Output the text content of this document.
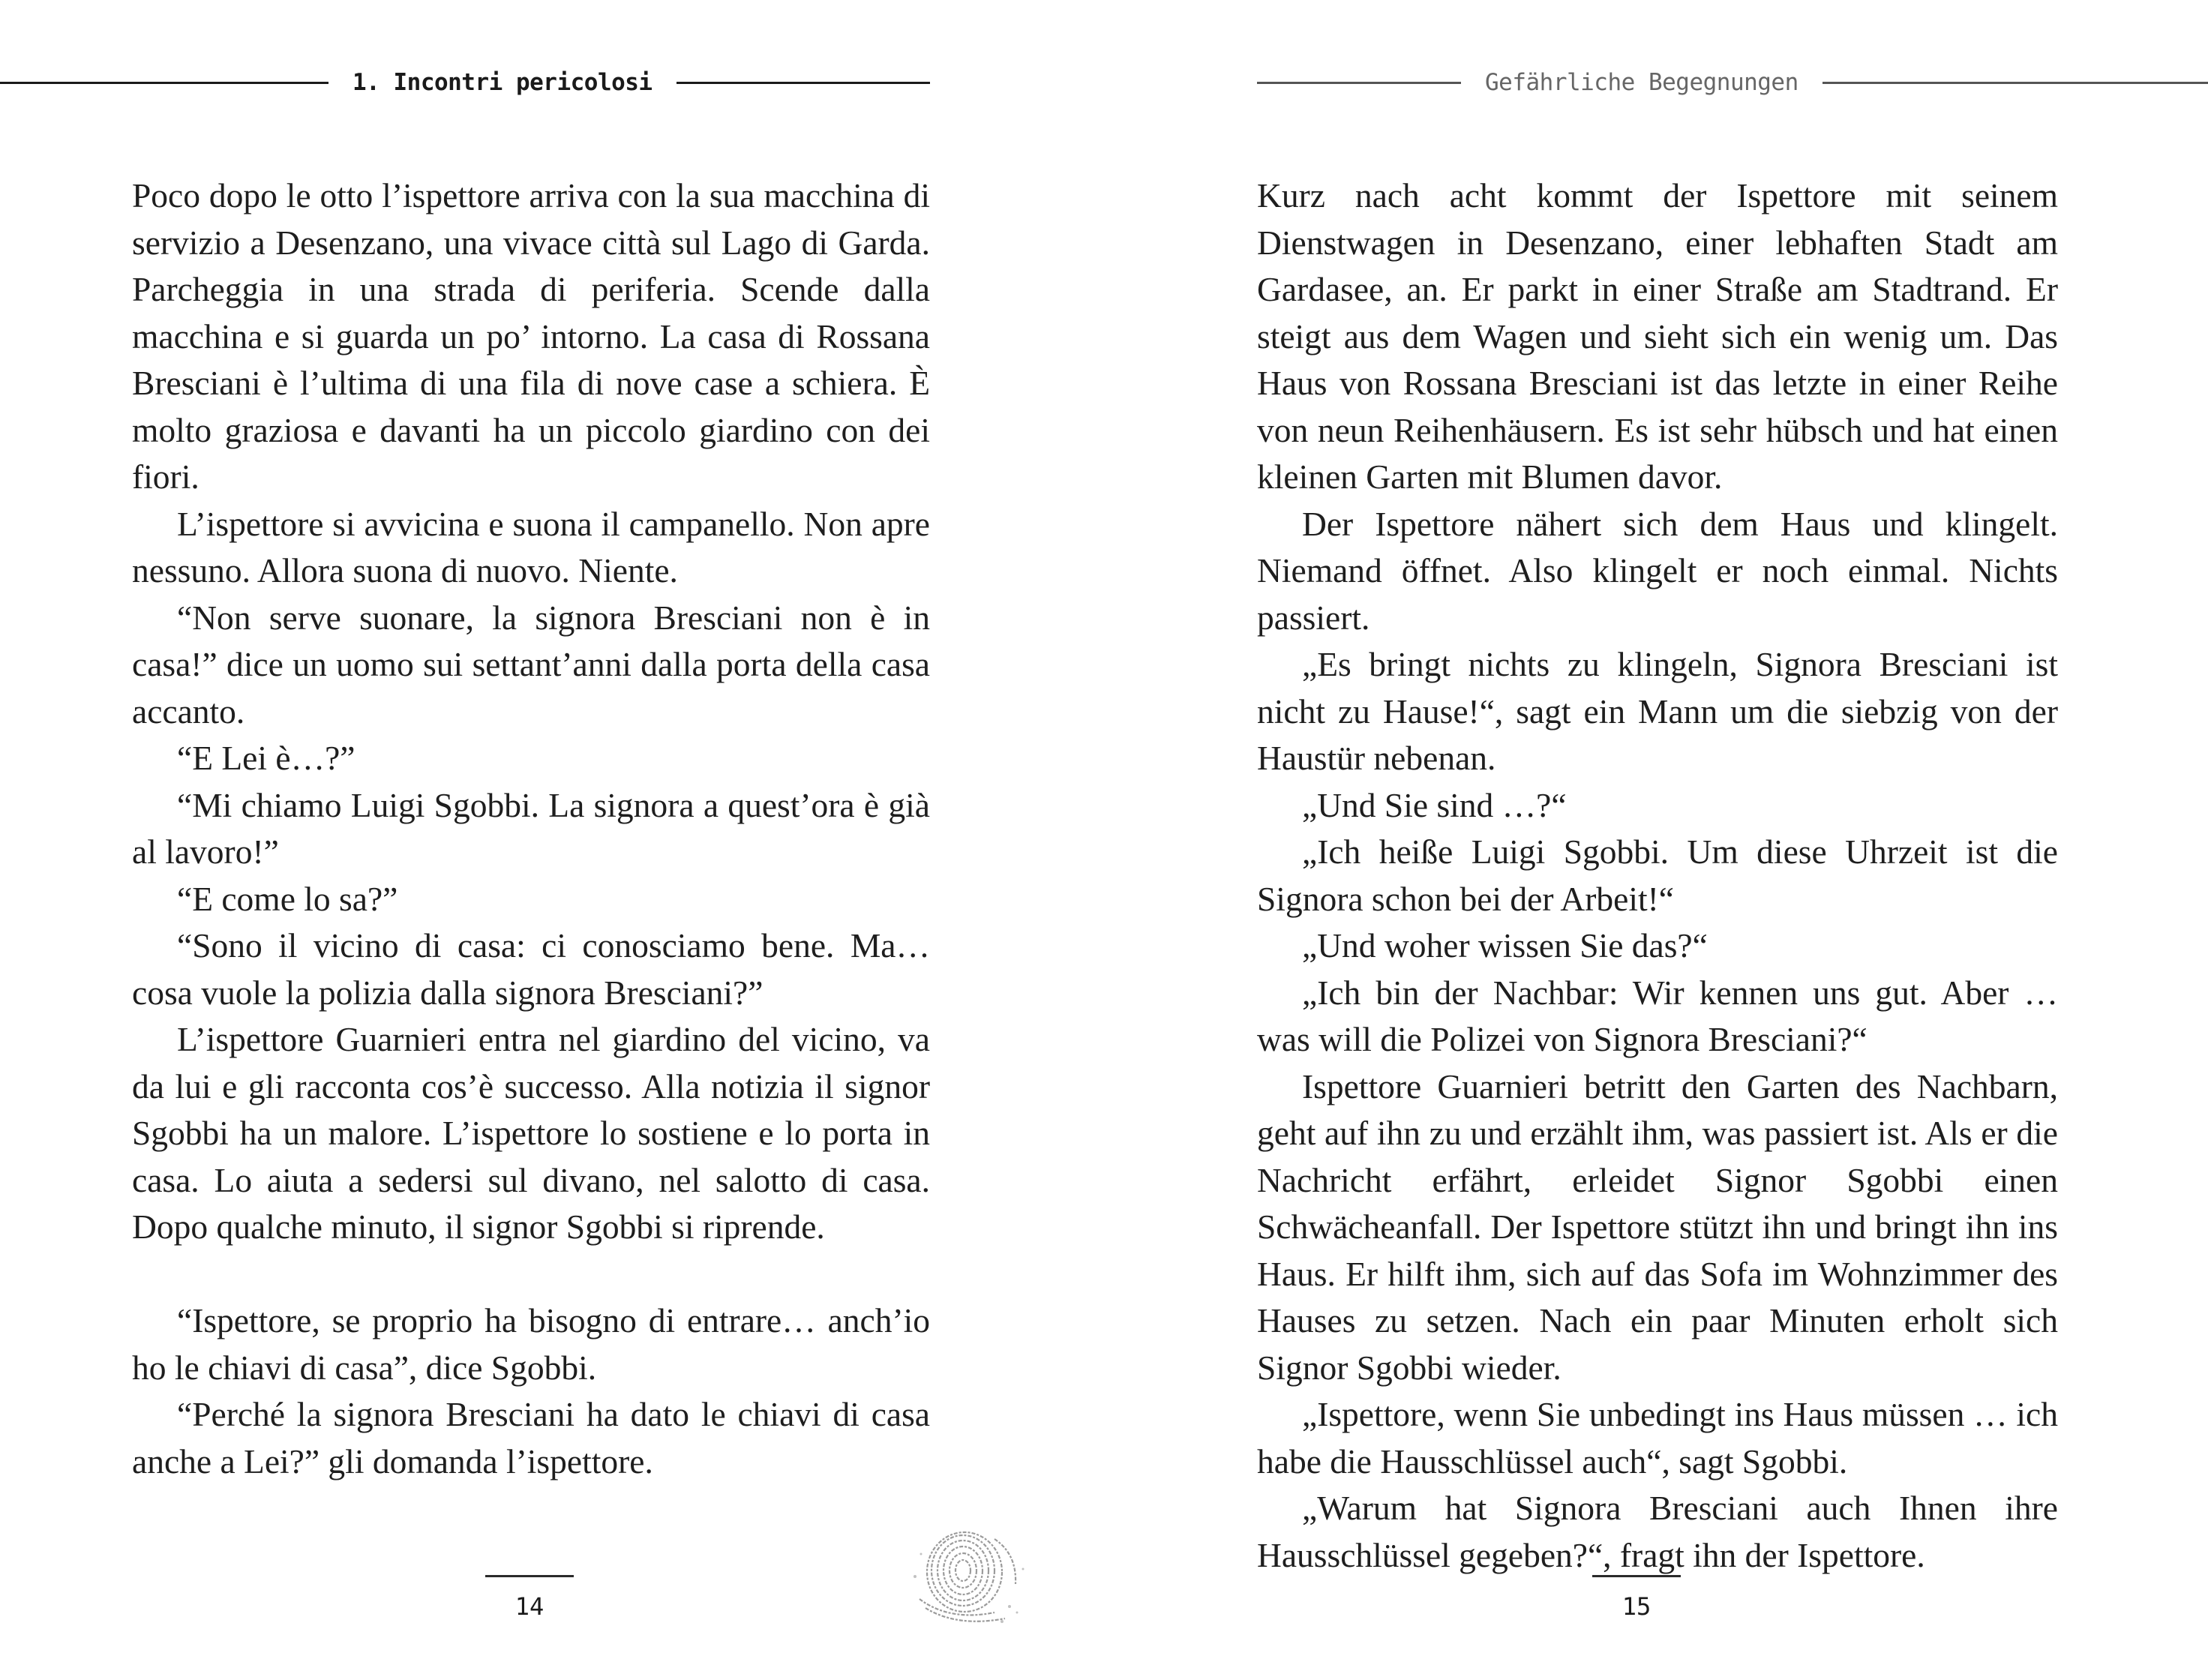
1. Incontri pericolosi

Poco dopo le otto l’ispettore arriva con la sua macchina di servizio a Desenzano, una vivace città sul Lago di Garda. Parcheggia in una strada di periferia. Scende dalla macchina e si guarda un po’ intorno. La casa di Rossana Bresciani è l’ultima di una fila di nove case a schiera. È molto graziosa e davanti ha un piccolo giardino con dei fiori.

L’ispettore si avvicina e suona il campanello. Non apre nessuno. Allora suona di nuovo. Niente.

“Non serve suonare, la signora Bresciani non è in casa!” dice un uomo sui settant’anni dalla porta della casa accanto.

“E Lei è…?”

“Mi chiamo Luigi Sgobbi. La signora a quest’ora è già al lavoro!”

“E come lo sa?”

“Sono il vicino di casa: ci conosciamo bene. Ma… cosa vuole la polizia dalla signora Bresciani?”

L’ispettore Guarnieri entra nel giardino del vicino, va da lui e gli racconta cos’è successo. Alla notizia il signor Sgobbi ha un malore. L’ispettore lo sostiene e lo porta in casa. Lo aiuta a sedersi sul divano, nel salotto di casa. Dopo qualche minuto, il signor Sgobbi si riprende.

“Ispettore, se proprio ha bisogno di entrare… anch’io ho le chiavi di casa”, dice Sgobbi.

“Perché la signora Bresciani ha dato le chiavi di casa anche a Lei?” gli domanda l’ispettore.

14
Gefährliche Begegnungen

Kurz nach acht kommt der Ispettore mit seinem Dienstwagen in Desenzano, einer lebhaften Stadt am Gardasee, an. Er parkt in einer Straße am Stadtrand. Er steigt aus dem Wagen und sieht sich ein wenig um. Das Haus von Rossana Bresciani ist das letzte in einer Reihe von neun Reihenhäusern. Es ist sehr hübsch und hat einen kleinen Garten mit Blumen davor.

Der Ispettore nähert sich dem Haus und klingelt. Niemand öffnet. Also klingelt er noch einmal. Nichts passiert.

„Es bringt nichts zu klingeln, Signora Bresciani ist nicht zu Hause!“, sagt ein Mann um die siebzig von der Haustür nebenan.

„Und Sie sind …?“

„Ich heiße Luigi Sgobbi. Um diese Uhrzeit ist die Signora schon bei der Arbeit!“

„Und woher wissen Sie das?“

„Ich bin der Nachbar: Wir kennen uns gut. Aber … was will die Polizei von Signora Bresciani?“

Ispettore Guarnieri betritt den Garten des Nachbarn, geht auf ihn zu und erzählt ihm, was passiert ist. Als er die Nachricht erfährt, erleidet Signor Sgobbi einen Schwächeanfall. Der Ispettore stützt ihn und bringt ihn ins Haus. Er hilft ihm, sich auf das Sofa im Wohnzimmer des Hauses zu setzen. Nach ein paar Minuten erholt sich Signor Sgobbi wieder.

„Ispettore, wenn Sie unbedingt ins Haus müssen … ich habe die Hausschlüssel auch“, sagt Sgobbi.

„Warum hat Signora Bresciani auch Ihnen ihre Hausschlüssel gegeben?“, fragt ihn der Ispettore.

15
